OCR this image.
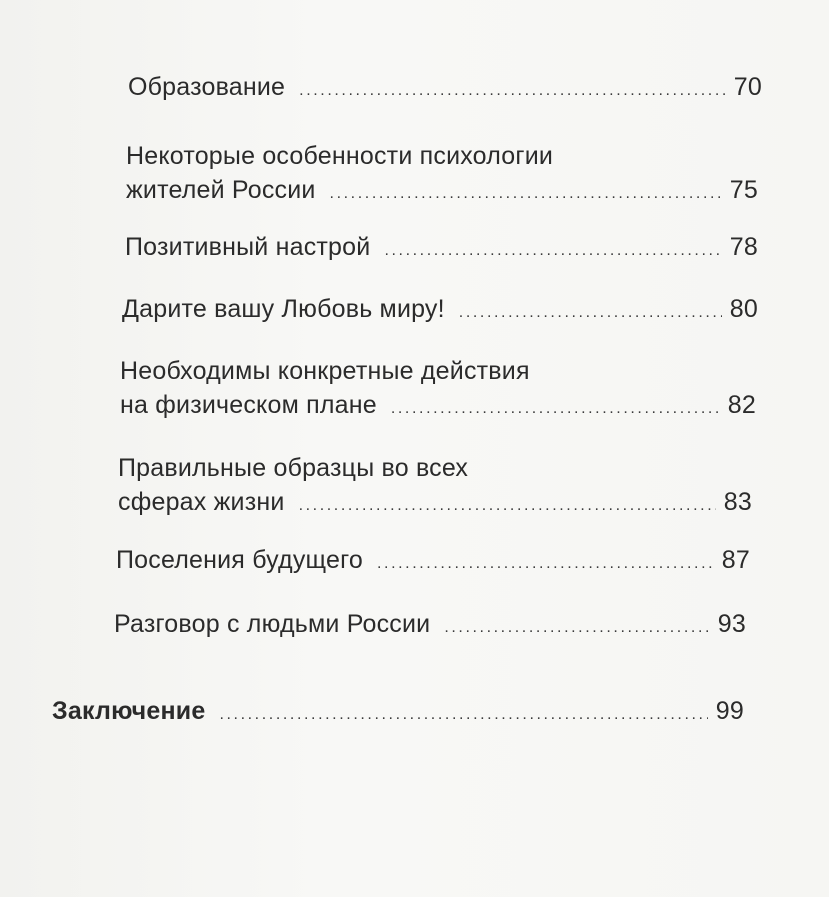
Образование .....	70
Некоторые особенности психологии
жителей России .....	75
Позитивный настрой .....	78
Дарите вашу Любовь миру! .....	80
Необходимы конкретные действия
на физическом плане .....	82
Правильные образцы во всех
сферах жизни .....	83
Поселения будущего .....	87
Разговор с людьми России .....	93
Заключение .....	99
